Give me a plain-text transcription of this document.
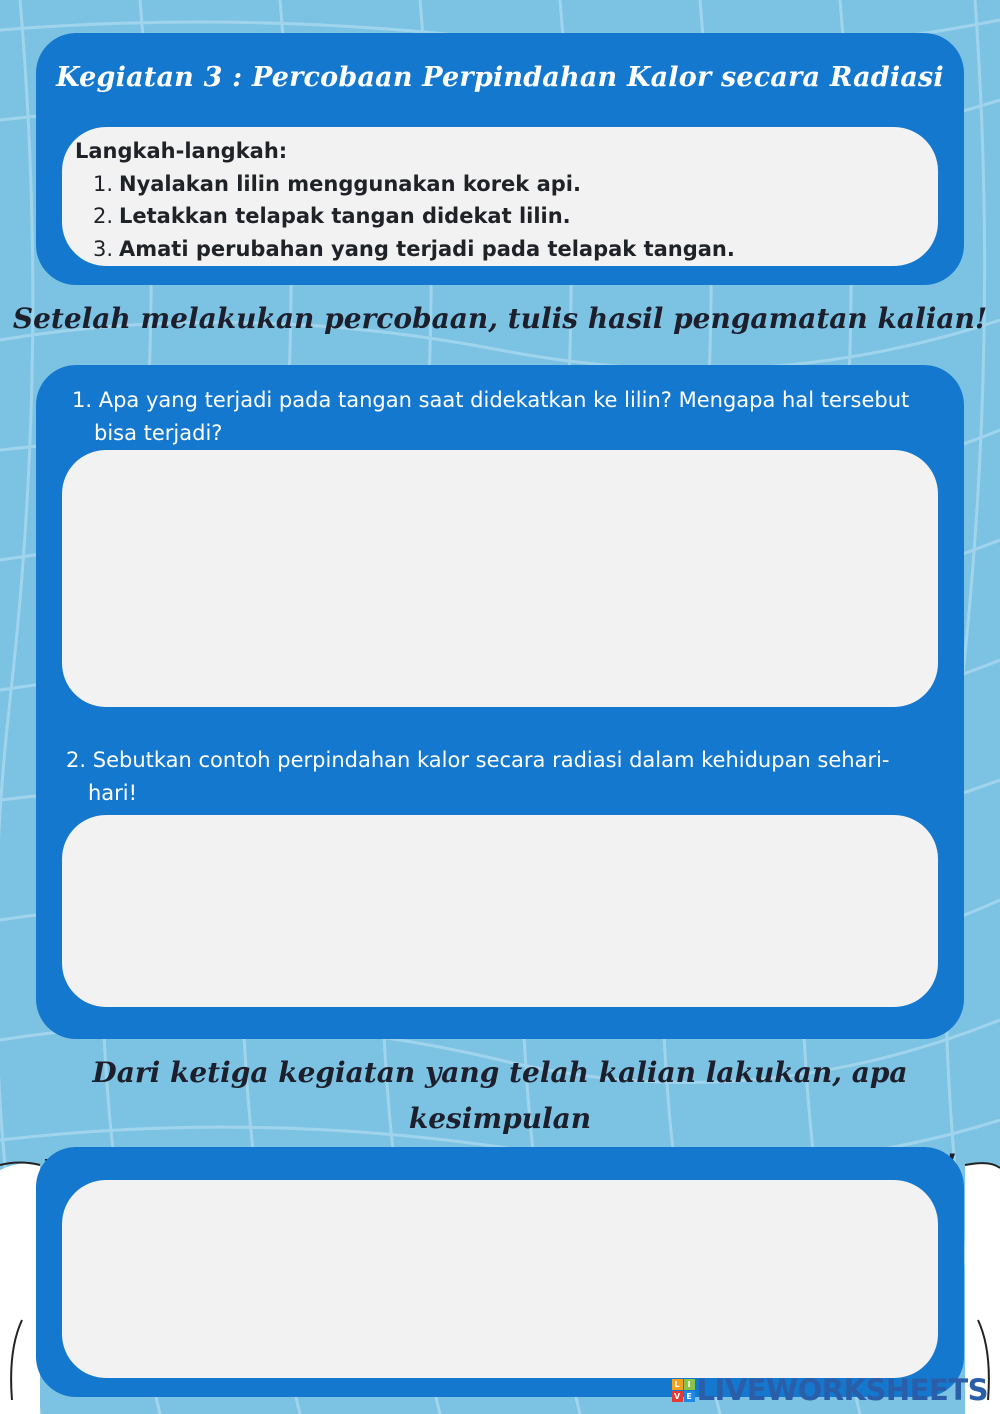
Kegiatan 3 : Percobaan Perpindahan Kalor secara Radiasi
Langkah-langkah:
1. Nyalakan lilin menggunakan korek api.
2. Letakkan telapak tangan didekat lilin.
3. Amati perubahan yang terjadi pada telapak tangan.
Setelah melakukan percobaan, tulis hasil pengamatan kalian!

1. Apa yang terjadi pada tangan saat didekatkan ke lilin? Mengapa hal tersebut
bisa terjadi?

2. Sebutkan contoh perpindahan kalor secara radiasi dalam kehidupan sehari-
hari!

Dari ketiga kegiatan yang telah kalian lakukan, apa kesimpulan

L I
V E LIVEWORKSHEETS
